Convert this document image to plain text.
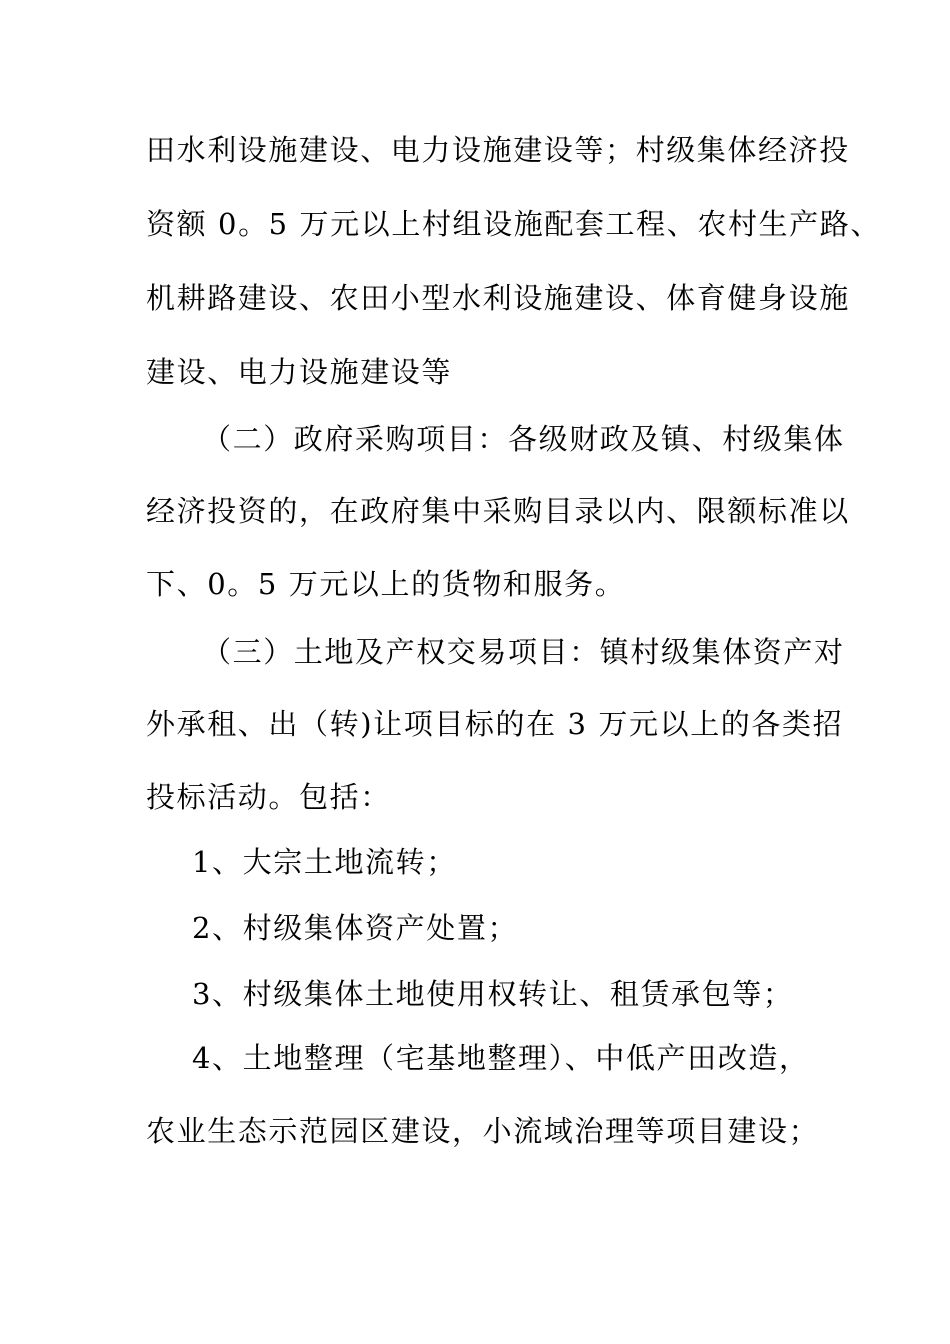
田水利设施建设、电力设施建设等；村级集体经济投
资额 0。5 万元以上村组设施配套工程、农村生产路、
机耕路建设、农田小型水利设施建设、体育健身设施
建设、电力设施建设等
（二）政府采购项目：各级财政及镇、村级集体
经济投资的，在政府集中采购目录以内、限额标准以
下、0。5 万元以上的货物和服务。
（三）土地及产权交易项目：镇村级集体资产对
外承租、出（转)让项目标的在 3 万元以上的各类招
投标活动。包括：
1、大宗土地流转；
2、村级集体资产处置；
3、村级集体土地使用权转让、租赁承包等；
4、土地整理（宅基地整理）、中低产田改造，
农业生态示范园区建设，小流域治理等项目建设；
